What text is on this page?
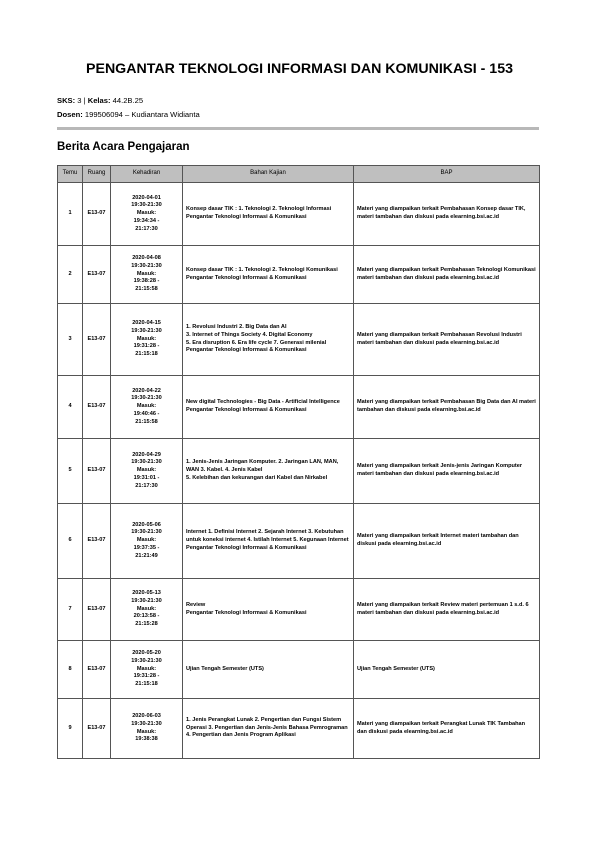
PENGANTAR TEKNOLOGI INFORMASI DAN KOMUNIKASI - 153
SKS: 3 | Kelas: 44.2B.25
Dosen: 199506094 – Kudiantara Widianta
Berita Acara Pengajaran
Temu	Ruang	Kehadiran	Bahan Kajian	BAP
1	E13-07	2020-04-01
19:30-21:30
Masuk:
19:34:34 -
21:17:30	Konsep dasar TIK : 1. Teknologi 2. Teknologi Informasi
Pengantar Teknologi Informasi & Komunikasi	Materi yang diampaikan terkait Pembahasan Konsep dasar TIK, materi tambahan dan diskusi pada elearning.bsi.ac.id
2	E13-07	2020-04-08
19:30-21:30
Masuk:
19:38:28 -
21:15:58	Konsep dasar TIK : 1. Teknologi 2. Teknologi Komunikasi
Pengantar Teknologi Informasi & Komunikasi	Materi yang diampaikan terkait Pembahasan Teknologi Komunikasi materi tambahan dan diskusi pada elearning.bsi.ac.id
3	E13-07	2020-04-15
19:30-21:30
Masuk:
19:31:28 -
21:15:18	1. Revolusi Industri 2. Big Data dan AI
3. Internet of Things Society 4. Digital Economy
5. Era disruption 6. Era life cycle 7. Generasi milenial
Pengantar Teknologi Informasi & Komunikasi	Materi yang diampaikan terkait Pembahasan Revolusi Industri materi tambahan dan diskusi pada elearning.bsi.ac.id
4	E13-07	2020-04-22
19:30-21:30
Masuk:
19:40:46 -
21:15:58	New digital Technologies - Big Data - Artificial Intelligence
Pengantar Teknologi Informasi & Komunikasi	Materi yang diampaikan terkait Pembahasan Big Data dan AI materi tambahan dan diskusi pada elearning.bsi.ac.id
5	E13-07	2020-04-29
19:30-21:30
Masuk:
19:31:01 -
21:17:30	1. Jenis-Jenis Jaringan Komputer. 2. Jaringan LAN, MAN, WAN 3. Kabel. 4. Jenis Kabel
5. Kelebihan dan kekurangan dari Kabel dan Nirkabel	Materi yang diampaikan terkait Jenis-jenis Jaringan Komputer materi tambahan dan diskusi pada elearning.bsi.ac.id
6	E13-07	2020-05-06
19:30-21:30
Masuk:
19:37:35 -
21:21:49	Internet 1. Definisi Internet 2. Sejarah Internet 3. Kebutuhan untuk koneksi internet 4. Istilah Internet 5. Kegunaan Internet
Pengantar Teknologi Informasi & Komunikasi	Materi yang diampaikan terkait Internet materi tambahan dan diskusi pada elearning.bsi.ac.id
7	E13-07	2020-05-13
19:30-21:30
Masuk:
20:13:58 -
21:15:28	Review
Pengantar Teknologi Informasi & Komunikasi	Materi yang diampaikan terkait Review materi pertemuan 1 s.d. 6 materi tambahan dan diskusi pada elearning.bsi.ac.id
8	E13-07	2020-05-20
19:30-21:30
Masuk:
19:31:28 -
21:15:18	Ujian Tengah Semester (UTS)	Ujian Tengah Semester (UTS)
9	E13-07	2020-06-03
19:30-21:30
Masuk:
19:38:38	1. Jenis Perangkat Lunak 2. Pengertian dan Fungsi Sistem Operasi 3. Pengertian dan Jenis-Jenis Bahasa Pemrograman 4. Pengertian dan Jenis Program Aplikasi	Materi yang diampaikan terkait Perangkat Lunak TIK Tambahan dan diskusi pada elearning.bsi.ac.id
